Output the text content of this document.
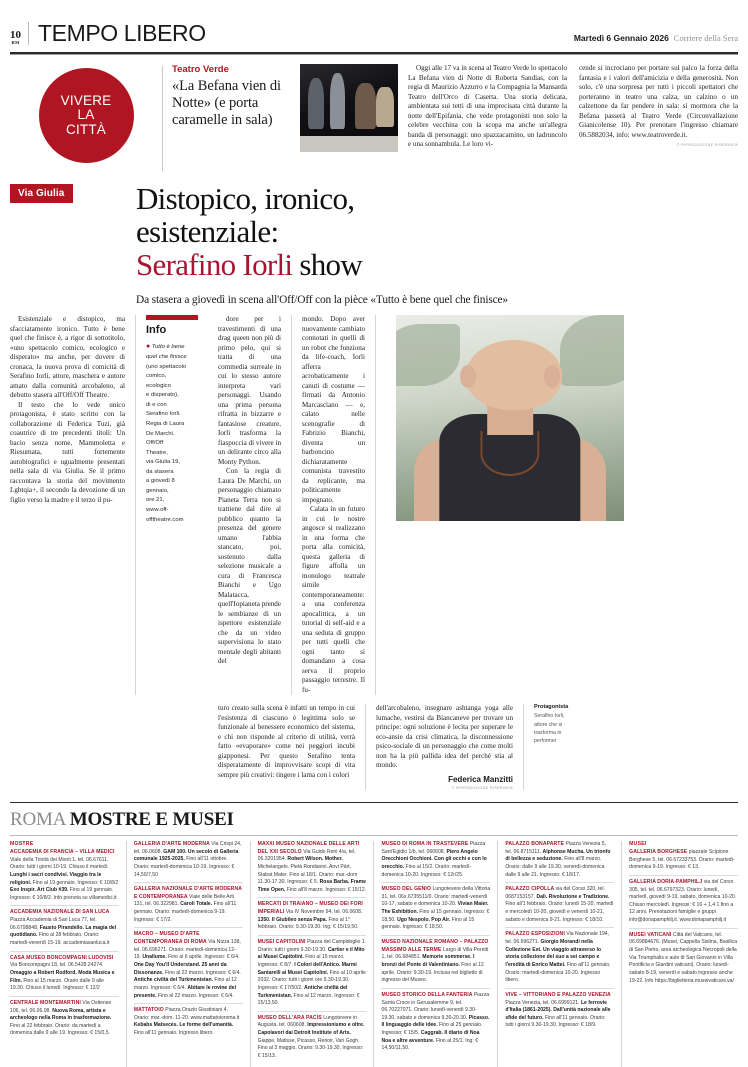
10
RM TEMPO LIBERO	Martedì 6 Gennaio 2026 Corriere della Sera
VIVERE
LA
CITTÀ
Teatro Verde
«La Befana vien di Notte» (e porta caramelle in sala)

Oggi alle 17 va in scena al Teatro Verde lo spettacolo La Befana vien di Notte di Roberta Sandias, con la regia di Maurizio Azzurro e la Compagnia la Mansarda Teatro dell'Orco di Caserta. Una storia delicata, ambientata sui tetti di una imprecisata città durante la notte dell'Epifania, che vede protagonisti non solo la celebre vecchina con la scopa ma anche un'allegra banda di personaggi: uno spazzacamino, un ladruncolo e una sonnambula. Le loro vi-

cende si incrociano per portare sul palco la forza della fantasia e i valori dell'amicizia e della generosità. Non solo, c'è una sorpresa per tutti i piccoli spettatori che porteranno in teatro una calza, un calzino o un calzettone da far pendere in sala: si mormora che la Befana passerà al Teatro Verde (Circonvallazione Gianicolense 10). Per prenotare l'ingresso chiamare 06.5882034, info: www.teatroverde.it.

© RIPRODUZIONE RISERVATA
Via Giulia	Distopico, ironico,
esistenziale:
Serafino Iorli show
Da stasera a giovedì in scena all'Off/Off con la pièce «Tutto è bene quel che finisce»

Esistenziale e distopico, ma sfacciatamente ironico. Tutto è bene quel che finisce è, a rigor di sottotitolo, «uno spettacolo comico, ecologico e disperato» ma anche, per dovere di cronaca, la nuova prova di comicità di Serafino Iorli, attore, maschera e autore amato dalla comunità arcobaleno, al debutto stasera all'Off/Off Theatre.

Il testo che lo vede unico protagonista, è stato scritto con la collaborazione di Federica Tuzi, già coautrice di tre precedenti titoli: Un bacio senza nome, Mammoletta e Riesumata, tutti fortemente autobiografici e ugualmente presentati nella sala di via Giulia. Se il primo raccontava la storia del movimento Lgbtqia+, il secondo la devozione di un figlio verso la madre e il terzo il pu-

Info
● Tutto è bene
quel che finisce
(uno spettacolo
comico,
ecologico
e disperato),
di e con
Serafino Iorli.
Regia di Laura
De Marchi.
Off/Off
Theatre,
via Giulia 19,
da stasera
a giovedì 8
gennaio,
ore 21,
www.off-
offtheatre.com

dore per i travestimenti di una drag queen non più di primo pelo, qui si tratta di una commedia surreale in cui lo stesso autore interpreta vari personaggi. Usando una prima persona rifratta in bizzarre e fantasiose creature, Iorli trasforma la fiaspoccia di vivere in un delirante circo alla Monty Python.

Con la regia di Laura De Marchi, un personaggio chiamato Pianeta Terra non si trattiene dal dire al pubblico quanto la presenza del genere umano l'abbia stancato, poi, sostenuto dalla selezione musicale a cura di Francesca Bianchi e Ugo Malatacca, quell'Iopianeta prende le sembianze di un ispettore esistenziale che da un video supervisiona lo stato mentale degli abitanti del

mondo. Dopo aver nuovamente cambiato connotati in quelli di un robot che funziona da life-coach, Iorli afferra acrobaticamente i canuti di costume — firmati da Antonio Marcasciano — e, calato nelle scenografie di Fabrizio Bianchi, diventa un barboncino dichiaratamente comunista travestito da replicante, ma politicamente impegnato.

Calata in un futuro in cui le nostre angosce si realizzano in una forma che porta alla comicità, questa galleria di figure affolla un monologo teatrale simile contemporaneamente: a una conferenza apocalittica, a un tutorial di self-aid e a una seduta di gruppo per tutti quelli che ogni tanto si domandano a cosa serva il proprio passaggio terrestre. Il fu-

turo creato sulla scena è infatti un tempo in cui l'esistenza di ciascuno è legittima solo se funzionale al benessere economico del sistema, e chi non risponde al criterio di utilità, verrà fatto «evaporare» come nei peggiori incubi giapponesi. Per questo Serafino tenta disperatamente di improvvisare scopi di vita sempre più creativi: tingere i lama con i colori

dell'arcobaleno, insegnare ashtanga yoga alle lumache, vestirsi da Biancaneve per trovare un principe: ogni soluzione è lecita per superare le eco-ansie da crisi climatica, la disconnessione psico-sociale di un personaggio che come molti non ha la più pallida idea del perché stia al mondo.

Federica Manzitti
© RIPRODUZIONE RISERVATA
Protagonista
Serafino Iorli, attore che si trasforma in performer
ROMA MOSTRE E MUSEI
MOSTRE
ACCADEMIA DI FRANCIA – VILLA MEDICI Viale della Trinità dei Monti 1, tel. 06.67611. Orario: tutti i giorni 10-19. Chiuso il martedì. Lunghi i sacri condivisi. Viaggio tra le religioni. Fino al 19 gennaio. Ingresso: € 10/8/2 Exo Inspir. Art Club #39. Fino al 19 gennaio. Ingresso: € 10/8/2. Info prenota su villamedici.it
ACCADEMIA NAZIONALE DI SAN LUCA Piazza Accademia di San Luca 77, tel. 06.6798848. Fausto Pirandello. La magia del quotidiano. Fino al 28 febbraio. Orario: martedì-venerdì 15-19. accademiasanluca.it
CASA MUSEO BONCOMPAGNI LUDOVISI Via Boncompagni 18, tel. 06.5428.24274. Omaggio a Robert Rodford. Moda Musica e Film. Fino al 15 marzo. Orario dalle 9 alle 19.30. Chiuso il lunedì. Ingresso: € 12/2
CENTRALE MONTEMARTINI Via Ostiense 106, tel. 06.06.08. Nuova Roma, artista e archeologo nella Roma in trasformazione. Fino al 22 febbraio. Orario: da martedì a domenica dalle 9 alle 19. Ingresso: € 15/0,5.
GALLERIA D'ARTE MODERNA Via Crispi 24, tel. 06.0608. GAM 100. Un secolo di Galleria comunale 1925-2025. Fino all'11 ottobre. Orario: martedì-domenica 10-19. Ingresso: € 14,50/7,50
GALLERIA NAZIONALE D'ARTE MODERNA E CONTEMPORANEA Viale delle Belle Arti 131, tel. 06.322981. Caroli Totale. Fino all'11 gennaio. Orario: martedì-domenica 9-19. Ingresso: € 17/2.
MACRO – MUSEO D'ARTE CONTEMPORANEA DI ROMA Via Nizza 138, tel. 06.696271. Orario: martedì-domenica 12-19. Unallume. Fino al 6 aprile. Ingresso: € 6/4. One Day You'll Understand. 25 anni da Dissonanze. Fino al 22 marzo. Ingresso: € 6/4. Antiche civiltà del Turkmenistan. Fino al 12 marzo. Ingresso: € 6/4. Abitare le rovine del presente. Fino al 22 marzo. Ingresso: € 6/4.
MATTATOIO Piazza Orazio Giustiniani 4, Orario: mar.-dom. 11-20. www.mattatoioroma.it Kebabs Matsecés. Le forme dell'umanità. Fino all'11 gennaio. Ingresso libero.
MAXXI MUSEO NAZIONALE DELLE ARTI DEL XXI SECOLO Via Guido Reni 4/a, tel. 06.3201954. Robert Wilson. Mother. Michelangelo. Pietà Rondanini. Anvi Pärt. Stabat Mater. Fino al 18/1. Orario: mar.-dom 11.30-17.30. Ingresso: € 5. Rosa Barba. Frame Time Open. Fino all'8 marzo. Ingresso: € 15/12.
MERCATI DI TRAIANO – MUSEO DEI FORI IMPERIALI Via IV Novembre 94, tel. 06.0608. 1350. Il Giubileo senza Papa. Fino al 1° febbraio. Orario: 9.30-19.30. Ing. € 15/19,50.
MUSEI CAPITOLINI Piazza del Campidoglio 1. Orario: tutti i giorni 9.30-19.30. Cartier e il Mito ai Musei Capitolini. Fino al 15 marzo. Ingresso: € 8/7. I Colori dell'Antico. Marmi Santarelli ai Musei Capitolini. Fino al 10 aprile 2032. Orario: tutti i giorni ore 9.30-19.30. Ingresso: € 17/50/2. Antiche civiltà del Turkmenistan. Fino al 12 marzo. Ingresso: € 15/13,50.
MUSEO DELL'ARA PACIS Lungotevere in Augusta, tel. 060608. Impressionismo e oltre. Capolavori dai Detroit Institute of Arts. Giappe, Matisse, Picasso, Renoir, Van Gogh. Fino al 3 maggio. Orario: 9.30-19.30. Ingresso: € 15/13.
MUSEO DI ROMA IN TRASTEVERE Piazza Sant'Egidio 1/b, tel. 060608. Piero Angelo Orecchioni Occhioni. Con gli occhi e con lo orecchio. Fino al 15/2. Orario: martedì-domenica 10-20. Ingresso: € 12r/25.
MUSEO DEL GENIO Lungotevere della Vittoria 31, tel. 06x.6735511/0. Orario: martedì-venerdì 10-17, sabato e domenica 10-20. Vivian Maier. The Exhibition. Fino al 15 gennaio. Ingresso: € 18,50. Ugo Nespolo. Pop Air. Fino al 15 gennaio. Ingresso: € 18,50.
MUSEO NAZIONALE ROMANO – PALAZZO MASSIMO ALLE TERME Largo di Villa Peretti 1, tel. 06.684851. Memorie sommerse. I bronzi del Ponte di Valentiniano. Fino al 12 aprile. Orario: 9.30-19. Inclusa nel biglietto di ingresso del Museo.
MUSEO STORICO DELLA FANTERIA Piazza Santa Croce in Gerusalemme 9, tel. 06.70227071. Orario: lunedì-venerdì 9.30-19.30, sabato e domenica 9.30-20.30. Picasso. Il linguaggio delle idee. Fino al 25 gennaio. Ingresso: € 15/5. Caggrab. Il diario di Noa Noa e altre avventure. Fino al 25/1. Ing: € 14,50/11,50.
PALAZZO BONAPARTE Piazza Venezia 5, tel. 06.8715111. Alphonse Mucha. Un trionfo di bellezza e seduzione. Fino all'8 marzo. Orario: dalle 9 alle 19.30, venerdì-domenica dalle 9 alle 21. Ingresso: € 18/17.
PALAZZO CIPOLLA via del Corso 320, tel. 0687153157. Dalì. Rivoluzione e Tradizione. Fino all'1 febbraio. Orario: lunedì 15-20, martedì e mercoledì 10-20, giovedì e venerdì 10-21, sabato e domenica 9-21. Ingresso: € 18/10.
PALAZZO ESPOSIZIONI Via Nazionale 194, tel. 06.696271. Giorgio Morandi nella Collezione Est. Un viaggio attraverso lo storia collezione del suo a sei campo e l'eredità di Enrico Mattei. Fino all'11 gennaio. Orario: martedì-domenica 10-20. Ingresso libero.
VIVE – VITTORIANO E PALAZZO VENEZIA Piazza Venezia, tel. 06.6999121. Le ferrovie d'Italia (1861-2025). Dall'unità nazionale alle sfide del futuro. Fino all'11 gennaio. Orario: tutti i giorni 9.30-19.30. Ingresso: € 18/9.
MUSEI
GALLERIA BORGHESE piazzale Scipione Borghese 5, tel. 06.67233753. Orario: martedì-domenica 9-19. Ingresso: € 13.
GALLERIA DORIA-PAMPHILJ via del Corso 305, tel. tel. 06.6797323. Orario: lunedì, martedì, giovedì 9-19, sabato, domenica 10-20. Chiuso mercoledì. Ingressi: € 16 + 1,4 1 fino a 12 anni. Prenotazioni famiglie e gruppi info@doriapamphilj.it. www.doriapamphilj.it
MUSEI VATICANI Città del Vaticano, tel. 06.69884676. (Musei, Cappella Sistina, Basilica di San Pietro, area archeologica Necropoli della Via Triumphalis e aule di San Giovanni in Villa Pontificia e Giardini vaticani). Orario: lunedì-sabato 8-19, venerdì e sabato ingresso anche 19-22. Info https://biglietteria.museivaticani.va/
